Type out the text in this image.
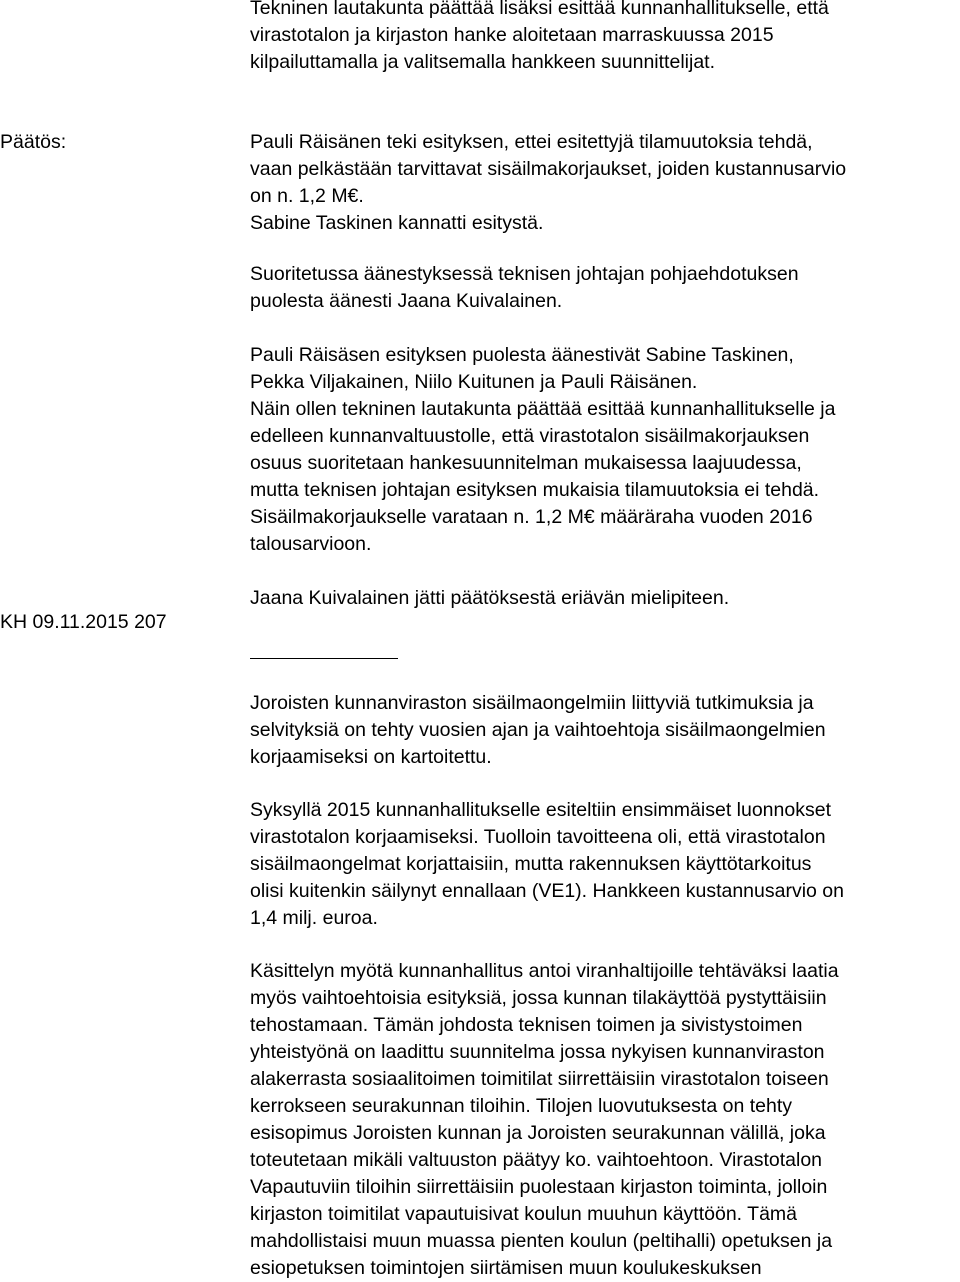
Tekninen lautakunta päättää lisäksi esittää kunnanhallitukselle, että
virastotalon ja kirjaston hanke aloitetaan marraskuussa 2015
kilpailuttamalla ja valitsemalla hankkeen suunnittelijat.
Päätös:	Pauli Räisänen teki esityksen, ettei esitettyjä tilamuutoksia tehdä,
vaan pelkästään tarvittavat sisäilmakorjaukset, joiden kustannusarvio
on n. 1,2 M€.
Sabine Taskinen kannatti esitystä.
Suoritetussa äänestyksessä teknisen johtajan pohjaehdotuksen
puolesta äänesti Jaana Kuivalainen.
Pauli Räisäsen esityksen puolesta äänestivät Sabine Taskinen,
Pekka Viljakainen, Niilo Kuitunen ja Pauli Räisänen.
Näin ollen tekninen lautakunta päättää esittää kunnanhallitukselle ja
edelleen kunnanvaltuustolle, että virastotalon sisäilmakorjauksen
osuus suoritetaan hankesuunnitelman mukaisessa laajuudessa,
mutta teknisen johtajan esityksen mukaisia tilamuutoksia ei tehdä.
Sisäilmakorjaukselle varataan n. 1,2 M€ määräraha vuoden 2016
talousarvioon.
Jaana Kuivalainen jätti päätöksestä eriävän mielipiteen.
KH 09.11.2015 207
Joroisten kunnanviraston sisäilmaongelmiin liittyviä tutkimuksia ja
selvityksiä on tehty vuosien ajan ja vaihtoehtoja sisäilmaongelmien
korjaamiseksi on kartoitettu.
Syksyllä 2015 kunnanhallitukselle esiteltiin ensimmäiset luonnokset
virastotalon korjaamiseksi. Tuolloin tavoitteena oli, että virastotalon
sisäilmaongelmat korjattaisiin, mutta rakennuksen käyttötarkoitus
olisi kuitenkin säilynyt ennallaan (VE1). Hankkeen kustannusarvio on
1,4 milj. euroa.
Käsittelyn myötä kunnanhallitus antoi viranhaltijoille tehtäväksi laatia
myös vaihtoehtoisia esityksiä, jossa kunnan tilakäyttöä pystyttäisiin
tehostamaan. Tämän johdosta teknisen toimen ja sivistystoimen
yhteistyönä on laadittu suunnitelma jossa nykyisen kunnanviraston
alakerrasta sosiaalitoimen toimitilat siirrettäisiin virastotalon toiseen
kerrokseen seurakunnan tiloihin. Tilojen luovutuksesta on tehty
esisopimus Joroisten kunnan ja Joroisten seurakunnan välillä, joka
toteutetaan mikäli valtuuston päätyy ko. vaihtoehtoon. Virastotalon
Vapautuviin tiloihin siirrettäisiin puolestaan kirjaston toiminta, jolloin
kirjaston toimitilat vapautuisivat koulun muuhun käyttöön. Tämä
mahdollistaisi muun muassa pienten koulun (peltihalli) opetuksen ja
esiopetuksen toimintojen siirtämisen muun koulukeskuksen
